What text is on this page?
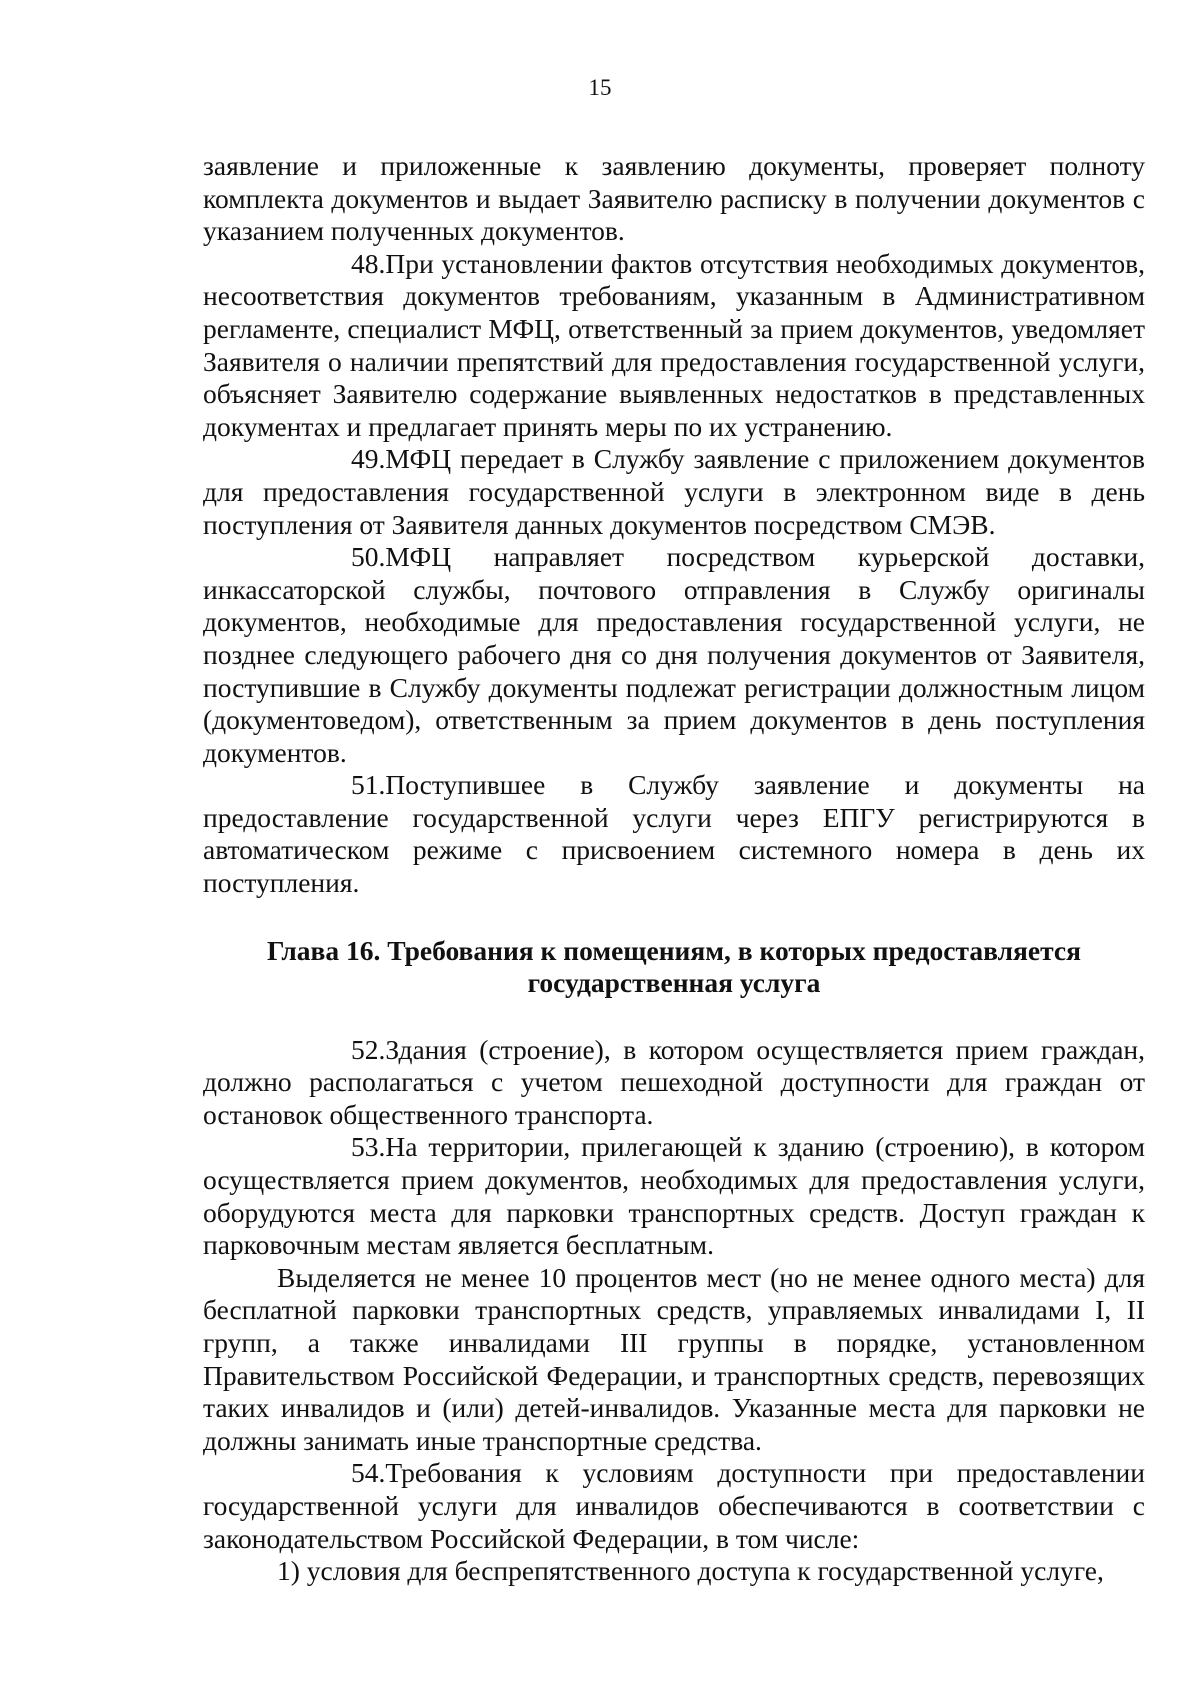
15

заявление и приложенные к заявлению документы, проверяет полноту комплекта документов и выдает Заявителю расписку в получении документов с указанием полученных документов.

48.При установлении фактов отсутствия необходимых документов, несоответствия документов требованиям, указанным в Административном регламенте, специалист МФЦ, ответственный за прием документов, уведомляет Заявителя о наличии препятствий для предоставления государственной услуги, объясняет Заявителю содержание выявленных недостатков в представленных документах и предлагает принять меры по их устранению.

49.МФЦ передает в Службу заявление с приложением документов для предоставления государственной услуги в электронном виде в день поступления от Заявителя данных документов посредством СМЭВ.

50.МФЦ направляет посредством курьерской доставки, инкассаторской службы, почтового отправления в Службу оригиналы документов, необходимые для предоставления государственной услуги, не позднее следующего рабочего дня со дня получения документов от Заявителя, поступившие в Службу документы подлежат регистрации должностным лицом (документоведом), ответственным за прием документов в день поступления документов.

51.Поступившее в Службу заявление и документы на предоставление государственной услуги через ЕПГУ регистрируются в автоматическом режиме с присвоением системного номера в день их поступления.

Глава 16. Требования к помещениям, в которых предоставляется
государственная услуга

52.Здания (строение), в котором осуществляется прием граждан, должно располагаться с учетом пешеходной доступности для граждан от остановок общественного транспорта.

53.На территории, прилегающей к зданию (строению), в котором осуществляется прием документов, необходимых для предоставления услуги, оборудуются места для парковки транспортных средств. Доступ граждан к парковочным местам является бесплатным.

Выделяется не менее 10 процентов мест (но не менее одного места) для бесплатной парковки транспортных средств, управляемых инвалидами I, II групп, а также инвалидами III группы в порядке, установленном Правительством Российской Федерации, и транспортных средств, перевозящих таких инвалидов и (или) детей-инвалидов. Указанные места для парковки не должны занимать иные транспортные средства.

54.Требования к условиям доступности при предоставлении государственной услуги для инвалидов обеспечиваются в соответствии с законодательством Российской Федерации, в том числе:

1) условия для беспрепятственного доступа к государственной услуге,
